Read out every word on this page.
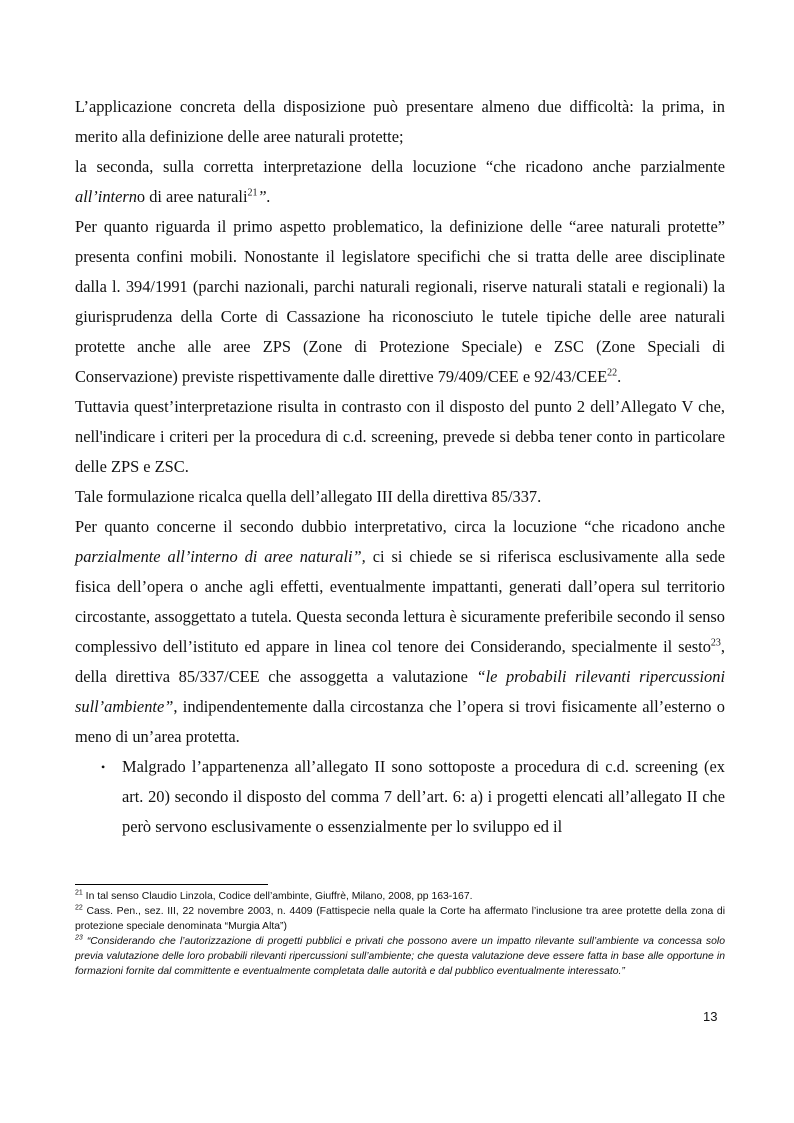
L’applicazione concreta della disposizione può presentare almeno due difficoltà: la prima, in merito alla definizione delle aree naturali protette;

la seconda, sulla corretta interpretazione della locuzione “che ricadono anche parzialmente all’interno di aree naturali$^{21}$”.

Per quanto riguarda il primo aspetto problematico, la definizione delle “aree naturali protette” presenta confini mobili. Nonostante il legislatore specifichi che si tratta delle aree disciplinate dalla l. 394/1991 (parchi nazionali, parchi naturali regionali, riserve naturali statali e regionali) la giurisprudenza della Corte di Cassazione ha riconosciuto le tutele tipiche delle aree naturali protette anche alle aree ZPS (Zone di Protezione Speciale) e ZSC (Zone Speciali di Conservazione) previste rispettivamente dalle direttive 79/409/CEE e 92/43/CEE$^{22}$.

Tuttavia quest’interpretazione risulta in contrasto con il disposto del punto 2 dell’Allegato V che, nell'indicare i criteri per la procedura di c.d. screening, prevede si debba tener conto in particolare delle ZPS e ZSC.

Tale formulazione ricalca quella dell’allegato III della direttiva 85/337.

Per quanto concerne il secondo dubbio interpretativo, circa la locuzione “che ricadono anche parzialmente all’interno di aree naturali”, ci si chiede se si riferisca esclusivamente alla sede fisica dell’opera o anche agli effetti, eventualmente impattanti, generati dall’opera sul territorio circostante, assoggettato a tutela. Questa seconda lettura è sicuramente preferibile secondo il senso complessivo dell’istituto ed appare in linea col tenore dei Considerando, specialmente il sesto$^{23}$, della direttiva 85/337/CEE che assoggetta a valutazione “le probabili rilevanti ripercussioni sull’ambiente”, indipendentemente dalla circostanza che l’opera si trovi fisicamente all’esterno o meno di un’area protetta.

• Malgrado l’appartenenza all’allegato II sono sottoposte a procedura di c.d. screening (ex art. 20) secondo il disposto del comma 7 dell’art. 6: a) i progetti elencati all’allegato II che però servono esclusivamente o essenzialmente per lo sviluppo ed il

$^{21}$ In tal senso Claudio Linzola, Codice dell’ambinte, Giuffrè, Milano, 2008, pp 163-167.

$^{22}$ Cass. Pen., sez. III, 22 novembre 2003, n. 4409 (Fattispecie nella quale la Corte ha affermato l’inclusione tra aree protette della zona di protezione speciale denominata “Murgia Alta”)

$^{23}$ “Considerando che l’autorizzazione di progetti pubblici e privati che possono avere un impatto rilevante sull’ambiente va concessa solo previa valutazione delle loro probabili rilevanti ripercussioni sull’ambiente; che questa valutazione deve essere fatta in base alle opportune in formazioni fornite dal committente e eventualmente completata dalle autorità e dal pubblico eventualmente interessato.”

13
